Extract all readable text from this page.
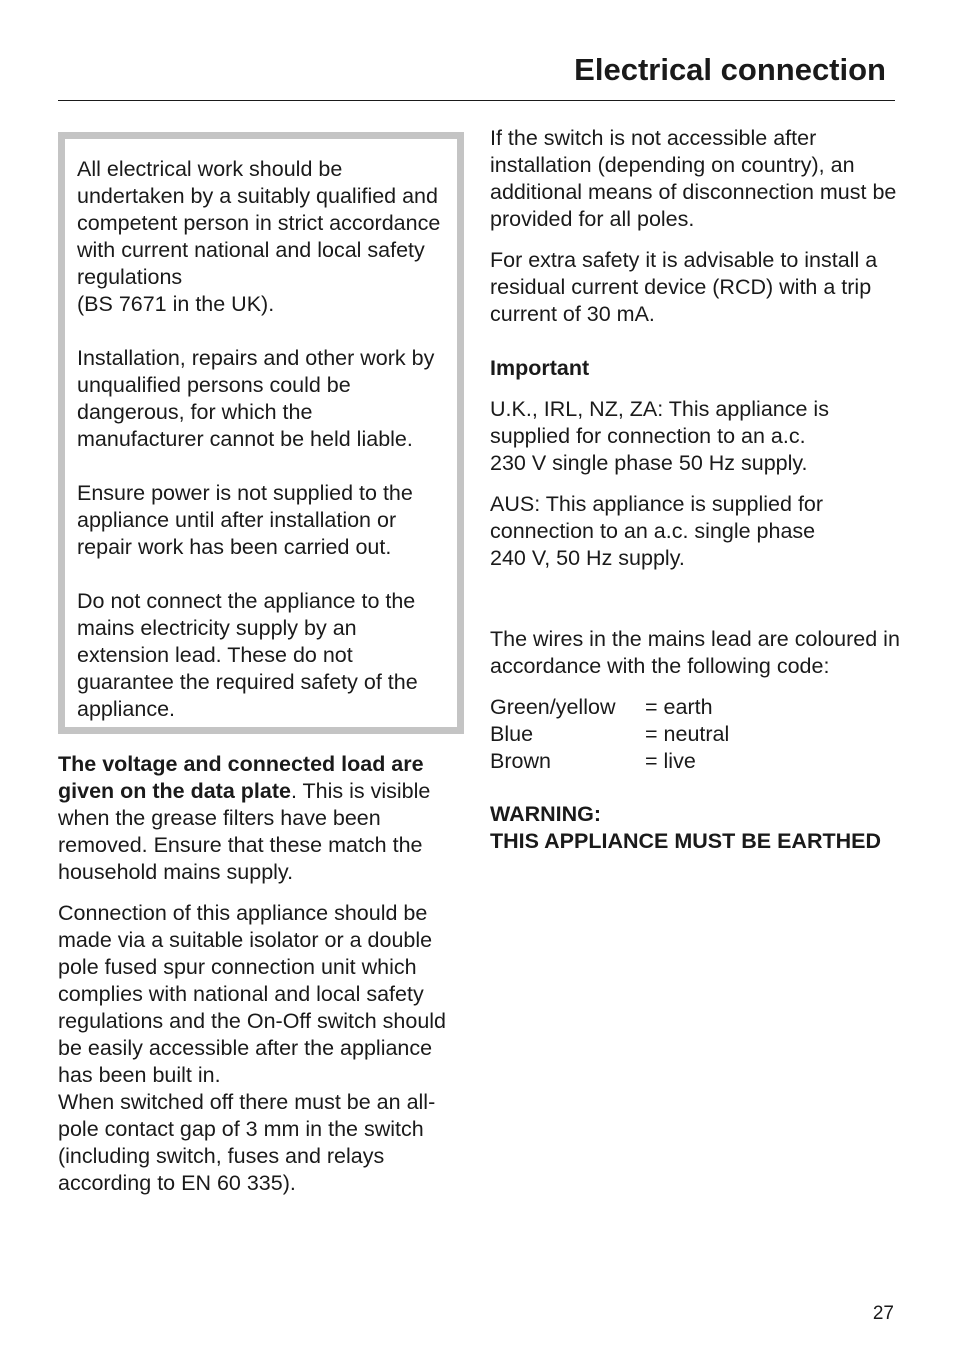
Electrical connection

All electrical work should be undertaken by a suitably qualified and competent person in strict accordance with current national and local safety regulations
(BS 7671 in the UK).

Installation, repairs and other work by unqualified persons could be dangerous, for which the manufacturer cannot be held liable.

Ensure power is not supplied to the appliance until after installation or repair work has been carried out.

Do not connect the appliance to the mains electricity supply by an extension lead. These do not guarantee the required safety of the appliance.

The voltage and connected load are given on the data plate. This is visible when the grease filters have been removed. Ensure that these match the household mains supply.

Connection of this appliance should be made via a suitable isolator or a double pole fused spur connection unit which complies with national and local safety regulations and the On-Off switch should be easily accessible after the appliance has been built in.
When switched off there must be an all-pole contact gap of 3 mm in the switch (including switch, fuses and relays according to EN 60 335).

If the switch is not accessible after installation (depending on country), an additional means of disconnection must be provided for all poles.

For extra safety it is advisable to install a residual current device (RCD) with a trip current of 30 mA.

Important

U.K., IRL, NZ, ZA: This appliance is supplied for connection to an a.c.
230 V single phase 50 Hz supply.

AUS: This appliance is supplied for connection to an a.c. single phase
240 V, 50 Hz supply.

The wires in the mains lead are coloured in accordance with the following code:

Green/yellow	= earth
Blue	= neutral
Brown	= live

WARNING:
THIS APPLIANCE MUST BE EARTHED

27
